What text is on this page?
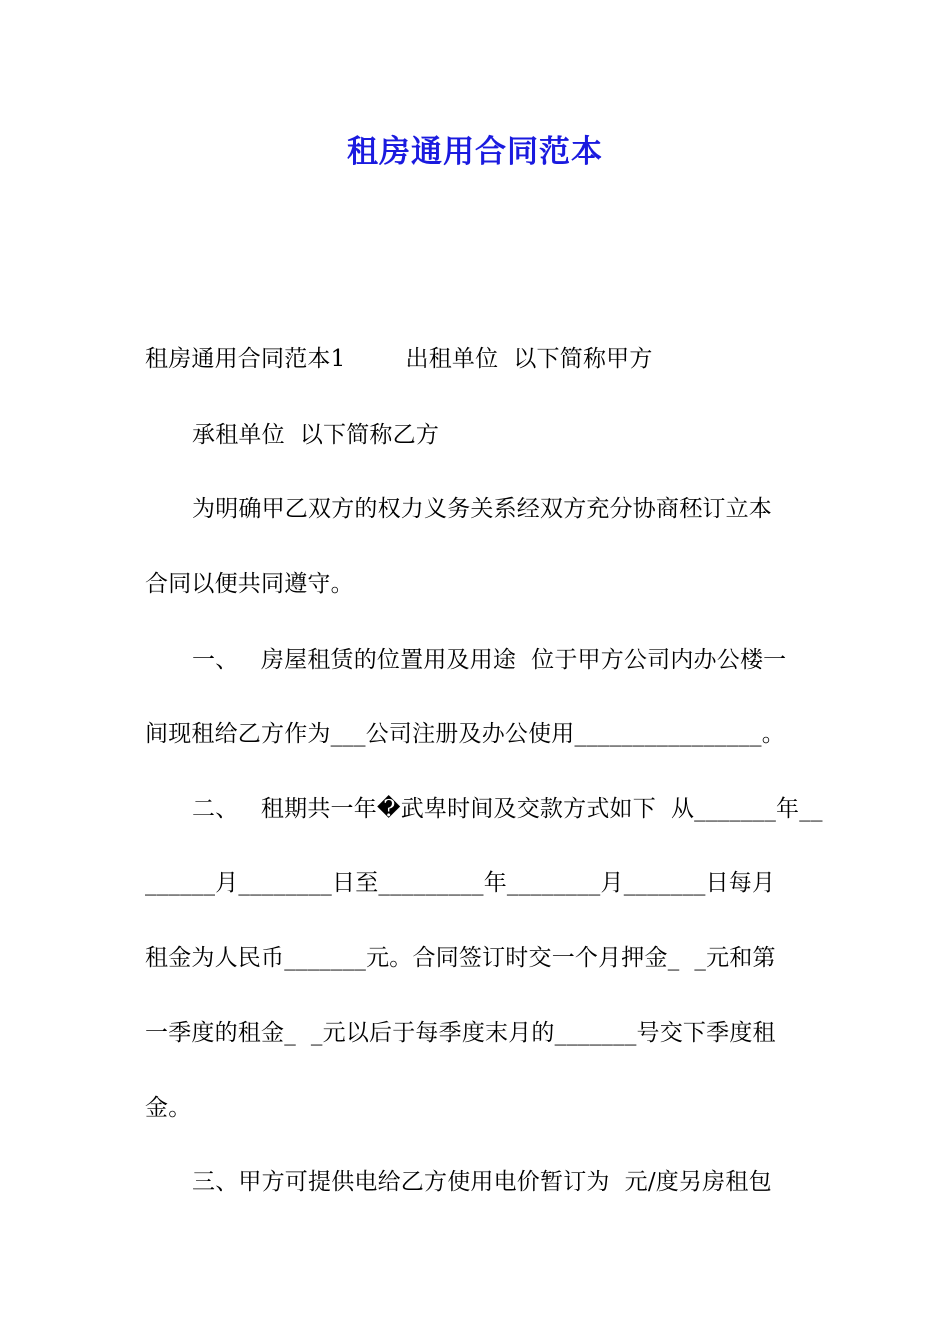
租房通用合同范本
租房通用合同范本1        出租单位  以下简称甲方
承租单位  以下简称乙方
为明确甲乙双方的权力义务关系经双方充分协商秠订立本
合同以便共同遵守。
一、   房屋租赁的位置用及用途  位于甲方公司内办公楼一
间现租给乙方作为___公司注册及办公使用________________。
二、   租期共一年�武卑时间及交款方式如下  从_______年__
______月________日至_________年________月_______日每月
租金为人民币_______元。合同签订时交一个月押金_  _元和第
一季度的租金_  _元以后于每季度末月的_______号交下季度租
金。
三、甲方可提供电给乙方使用电价暂订为  元/度另房租包
